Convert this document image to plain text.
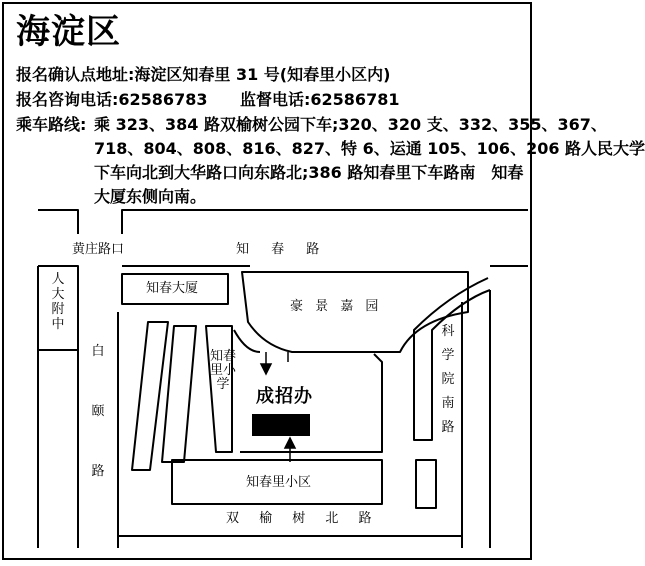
海淀区
报名确认点地址:海淀区知春里 31 号(知春里小区内)
报名咨询电话:62586783 监督电话:62586781
乘车路线: 乘 323、384 路双榆树公园下车;320、320 支、332、355、367、
718、804、808、816、827、特 6、运通 105、106、206 路人民大学
下车向北到大华路口向东路北;386 路知春里下车路南　知春
大厦东侧向南。
黄庄路口	知 春 路
人大附中
知春大厦
豪 景 嘉 园
白颐路
知春里小学
科学院南路
知春里小区
双 榆 树 北 路
成招办
